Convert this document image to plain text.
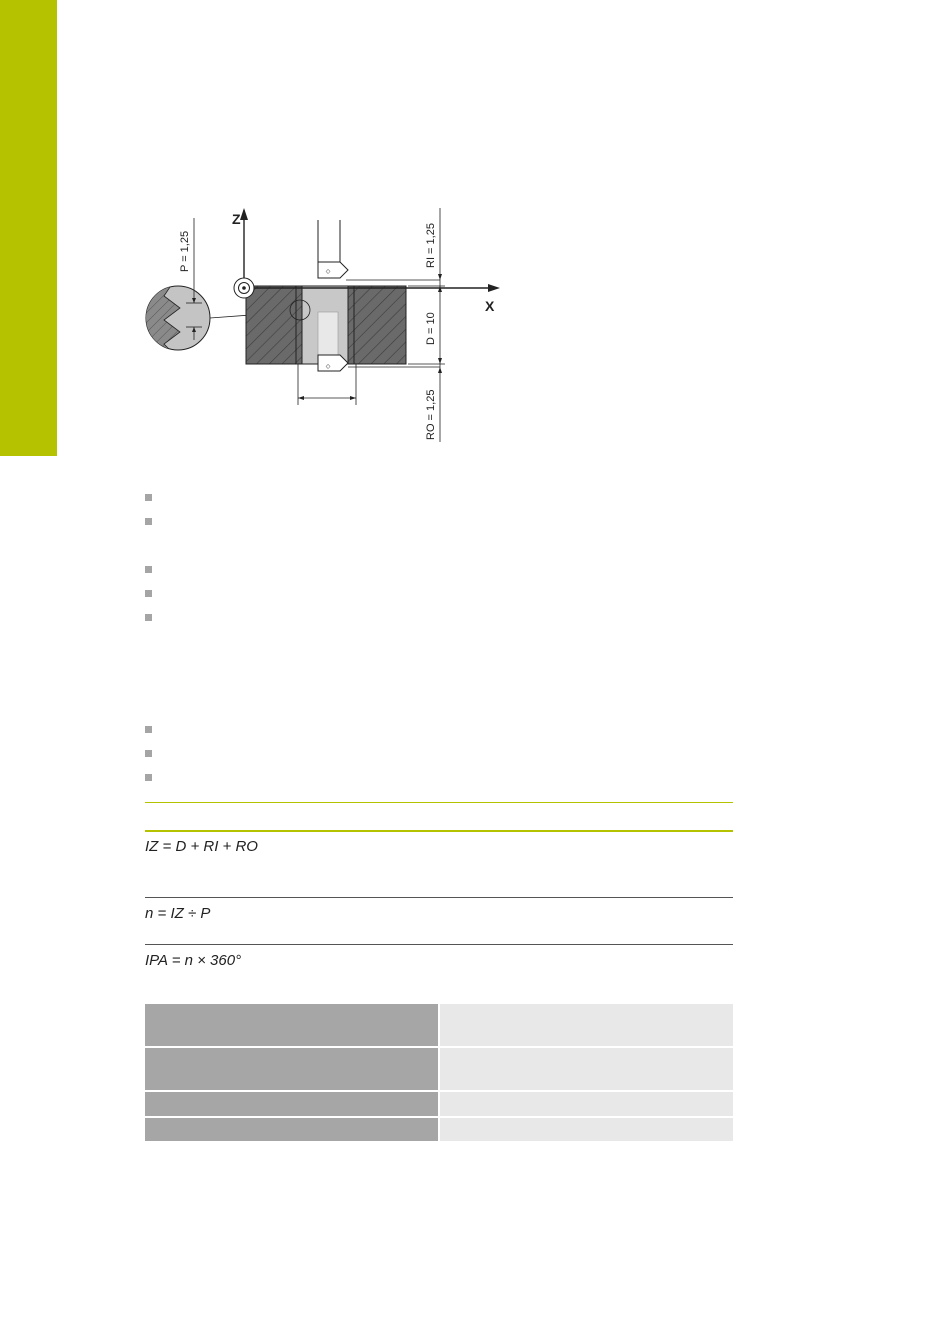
◇
◇
Z
X
P = 1,25	RI = 1,25
D = 10
RO = 1,25
IZ = D + RI + RO
n = IZ ÷ P
IPA = n × 360°
